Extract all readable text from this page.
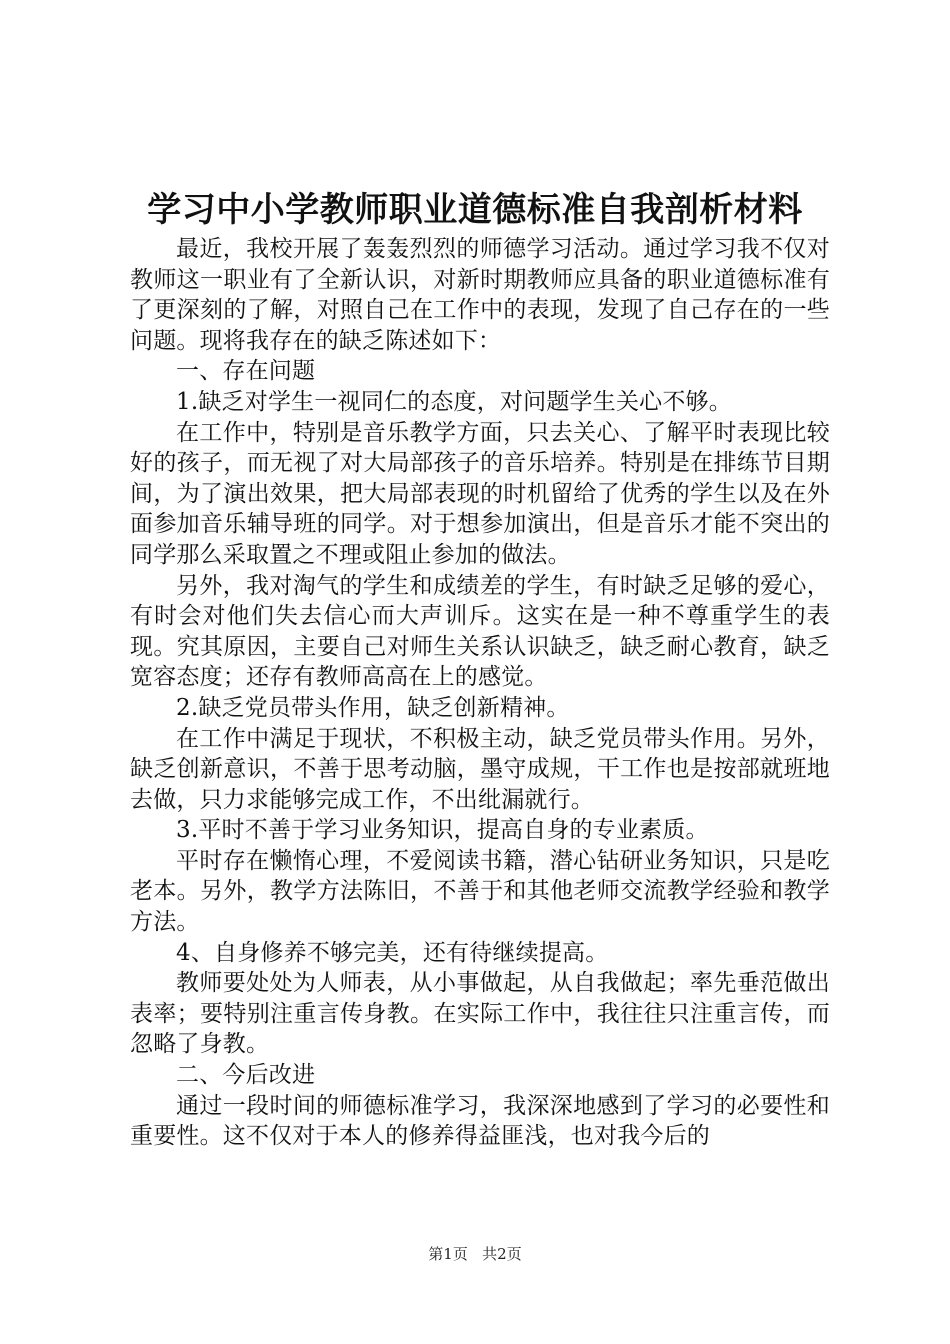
学习中小学教师职业道德标准自我剖析材料

最近，我校开展了轰轰烈烈的师德学习活动。通过学习我不仅对教师这一职业有了全新认识，对新时期教师应具备的职业道德标准有了更深刻的了解，对照自己在工作中的表现，发现了自己存在的一些问题。现将我存在的缺乏陈述如下：

一、存在问题

1.缺乏对学生一视同仁的态度，对问题学生关心不够。

在工作中，特别是音乐教学方面，只去关心、了解平时表现比较好的孩子，而无视了对大局部孩子的音乐培养。特别是在排练节目期间，为了演出效果，把大局部表现的时机留给了优秀的学生以及在外面参加音乐辅导班的同学。对于想参加演出，但是音乐才能不突出的同学那么采取置之不理或阻止参加的做法。

另外，我对淘气的学生和成绩差的学生，有时缺乏足够的爱心，有时会对他们失去信心而大声训斥。这实在是一种不尊重学生的表现。究其原因，主要自己对师生关系认识缺乏，缺乏耐心教育，缺乏宽容态度；还存有教师高高在上的感觉。

2.缺乏党员带头作用，缺乏创新精神。

在工作中满足于现状，不积极主动，缺乏党员带头作用。另外，缺乏创新意识，不善于思考动脑，墨守成规，干工作也是按部就班地去做，只力求能够完成工作，不出纰漏就行。

3.平时不善于学习业务知识，提高自身的专业素质。

平时存在懒惰心理，不爱阅读书籍，潜心钻研业务知识，只是吃老本。另外，教学方法陈旧，不善于和其他老师交流教学经验和教学方法。

4、自身修养不够完美，还有待继续提高。

教师要处处为人师表，从小事做起，从自我做起；率先垂范做出表率；要特别注重言传身教。在实际工作中，我往往只注重言传，而忽略了身教。

二、今后改进

通过一段时间的师德标准学习，我深深地感到了学习的必要性和重要性。这不仅对于本人的修养得益匪浅，也对我今后的

第1页 共2页
